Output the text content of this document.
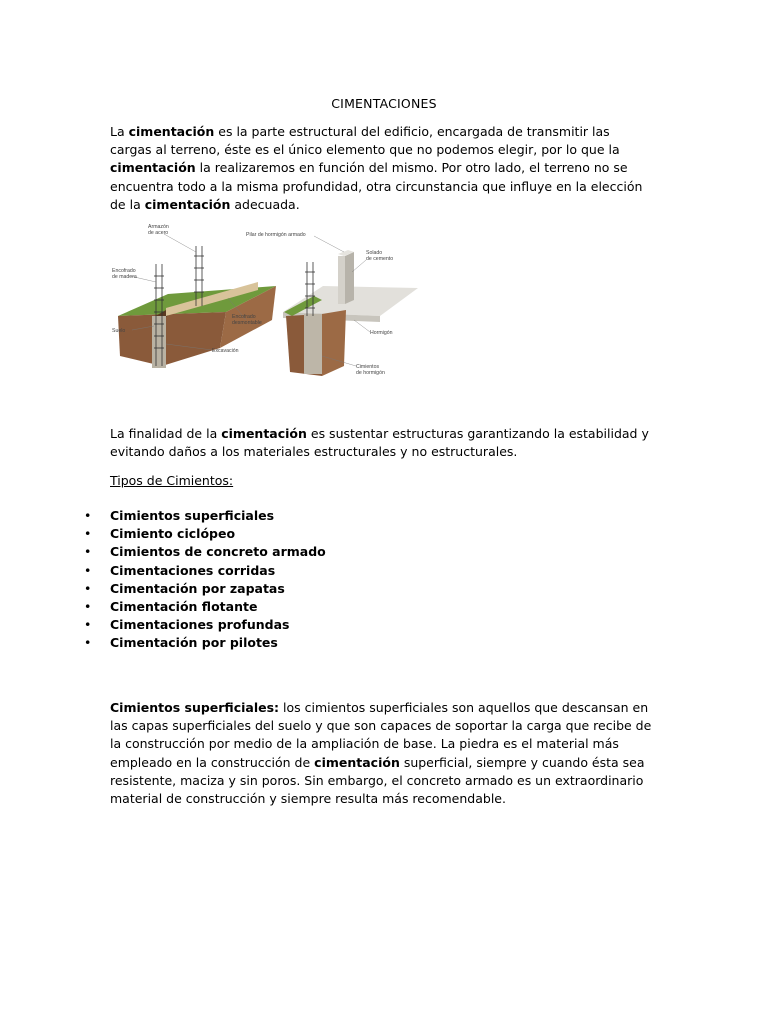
CIMENTACIONES
La cimentación es la parte estructural del edificio, encargada de transmitir las cargas al terreno, éste es el único elemento que no podemos elegir, por lo que la cimentación la realizaremos en función del mismo. Por otro lado, el terreno no se encuentra todo a la misma profundidad, otra circunstancia que influye en la elección de la cimentación adecuada.
Armazón
de acero	Pilar de hormigón armado
Solado
de cemento
Encofrado
de madera
Encofrado
desmontable
Suelo	Hormigón
Excavación
Cimientos
de hormigón
La finalidad de la cimentación es sustentar estructuras garantizando la estabilidad y evitando daños a los materiales estructurales y no estructurales.
Tipos de Cimientos:
• Cimientos superficiales
• Cimiento ciclópeo
• Cimientos de concreto armado
• Cimentaciones corridas
• Cimentación por zapatas
• Cimentación flotante
• Cimentaciones profundas
• Cimentación por pilotes
Cimientos superficiales: los cimientos superficiales son aquellos que descansan en las capas superficiales del suelo y que son capaces de soportar la carga que recibe de la construcción por medio de la ampliación de base. La piedra es el material más empleado en la construcción de cimentación superficial, siempre y cuando ésta sea resistente, maciza y sin poros. Sin embargo, el concreto armado es un extraordinario material de construcción y siempre resulta más recomendable.
